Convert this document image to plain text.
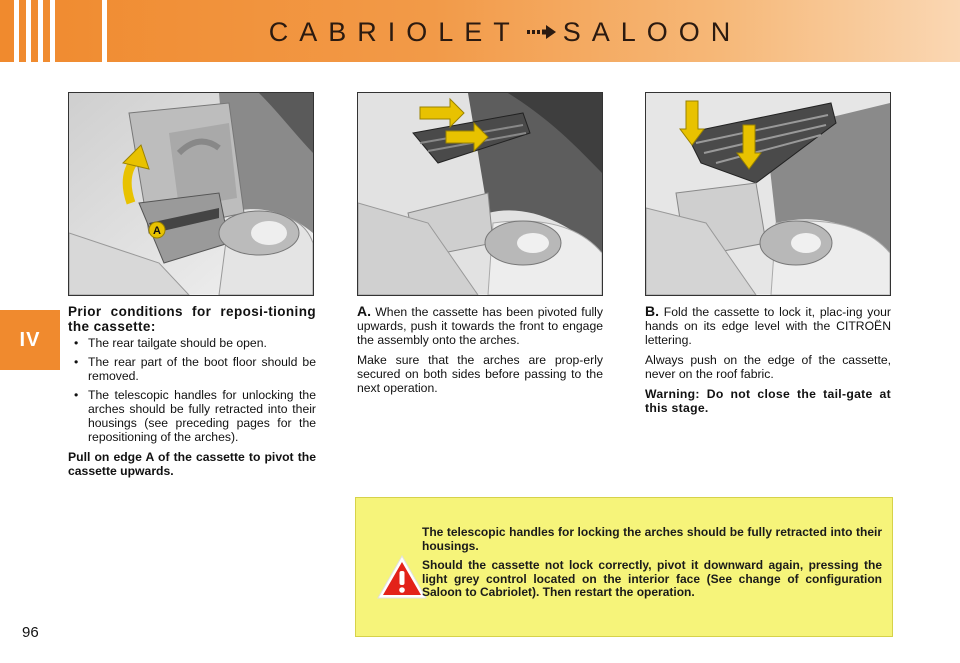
CABRIOLET SALOON
IV
A
Prior conditions for reposi-tioning the cassette:
• The rear tailgate should be open.
• The rear part of the boot floor should be removed.
• The telescopic handles for unlocking the arches should be fully retracted into their housings (see preceding pages for the repositioning of the arches).

Pull on edge A of the cassette to pivot the cassette upwards.

A. When the cassette has been pivoted fully upwards, push it towards the front to engage the assembly onto the arches.

Make sure that the arches are prop-erly secured on both sides before passing to the next operation.

B. Fold the cassette to lock it, plac-ing your hands on its edge level with the CITROËN lettering.

Always push on the edge of the cassette, never on the roof fabric.

Warning: Do not close the tail-gate at this stage.

The telescopic handles for locking the arches should be fully retracted into their housings.

Should the cassette not lock correctly, pivot it downward again, pressing the light grey control located on the interior face (See change of configuration Saloon to Cabriolet). Then restart the operation.

96
